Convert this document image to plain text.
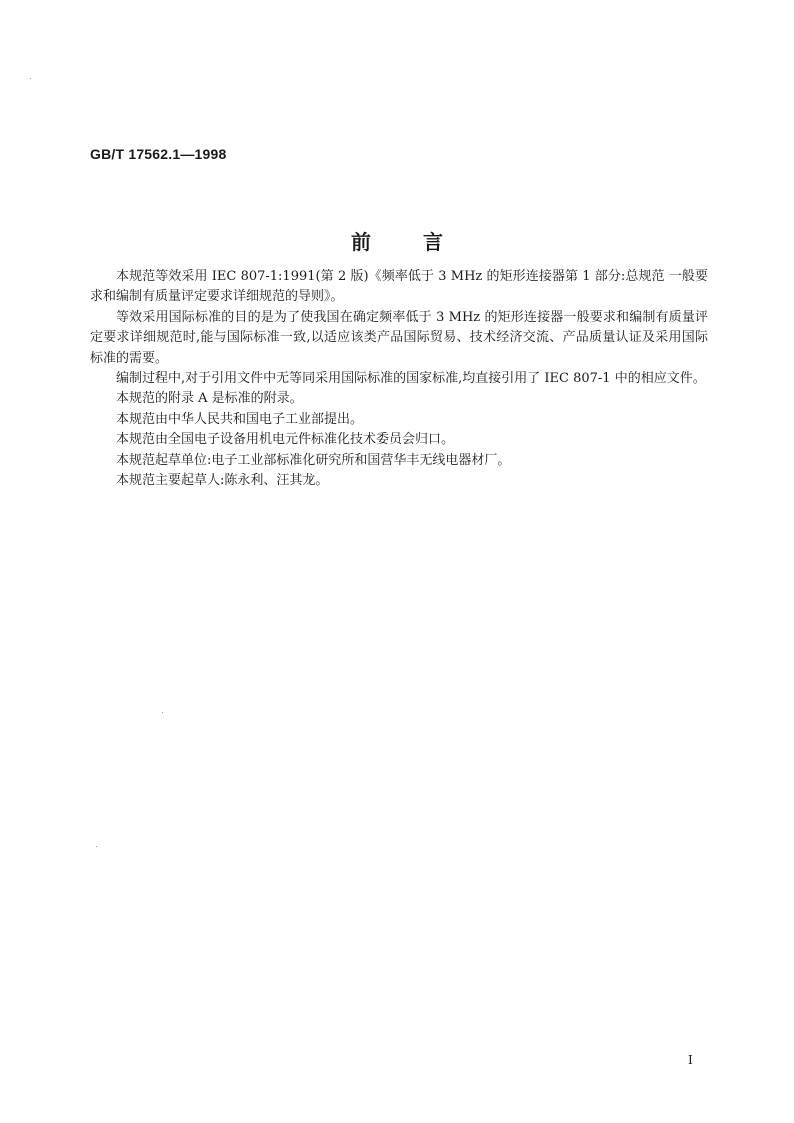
GB/T 17562.1—1998
前言

本规范等效采用 IEC 807-1:1991(第 2 版)《频率低于 3 MHz 的矩形连接器第 1 部分:总规范 一般要求和编制有质量评定要求详细规范的导则》。

等效采用国际标准的目的是为了使我国在确定频率低于 3 MHz 的矩形连接器一般要求和编制有质量评定要求详细规范时,能与国际标准一致,以适应该类产品国际贸易、技术经济交流、产品质量认证及采用国际标准的需要。

编制过程中,对于引用文件中无等同采用国际标准的国家标准,均直接引用了 IEC 807-1 中的相应文件。

本规范的附录 A 是标准的附录。

本规范由中华人民共和国电子工业部提出。

本规范由全国电子设备用机电元件标准化技术委员会归口。

本规范起草单位:电子工业部标准化研究所和国营华丰无线电器材厂。

本规范主要起草人:陈永利、汪其龙。

I
